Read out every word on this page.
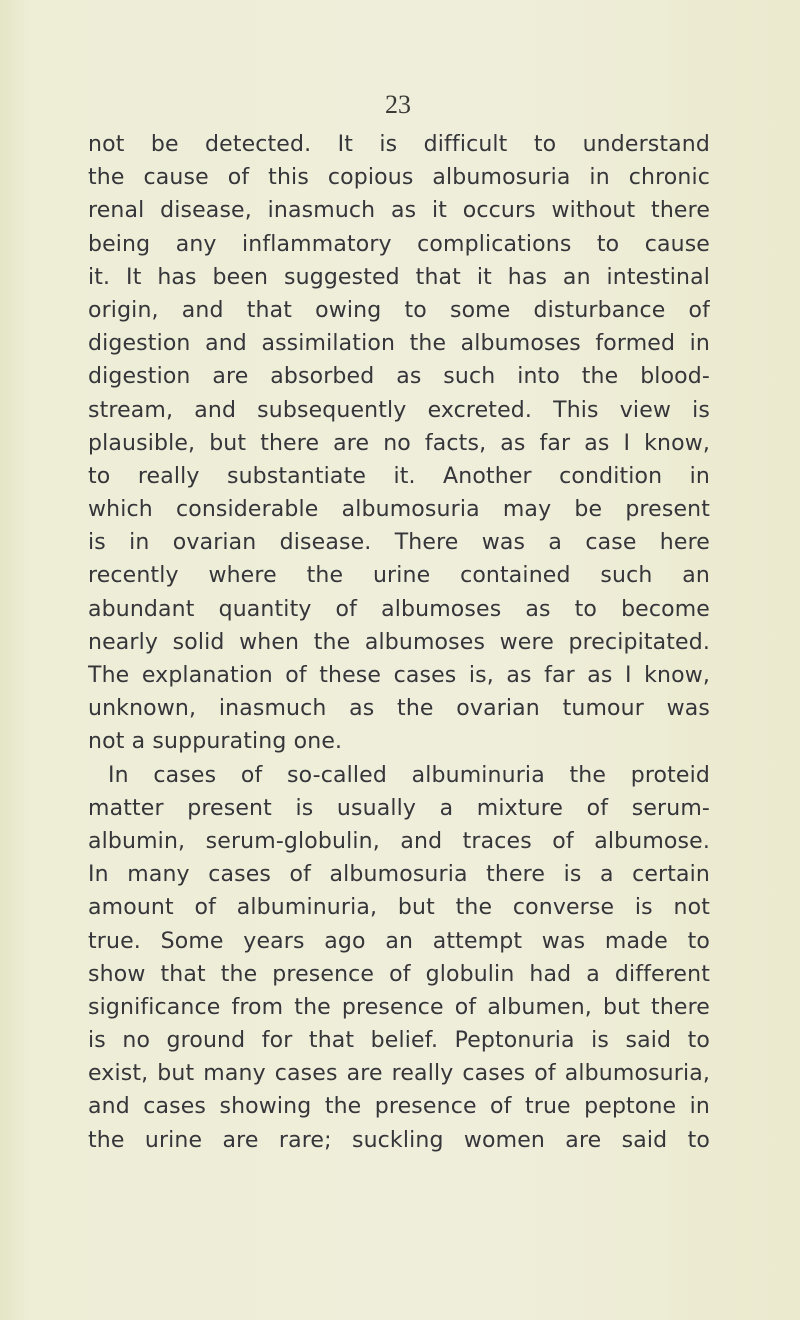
23
not be detected. It is difficult to understand
the cause of this copious albumosuria in chronic
renal disease, inasmuch as it occurs without there
being any inflammatory complications to cause
it. It has been suggested that it has an intestinal
origin, and that owing to some disturbance of
digestion and assimilation the albumoses formed in
digestion are absorbed as such into the blood-
stream, and subsequently excreted. This view is
plausible, but there are no facts, as far as I know,
to really substantiate it. Another condition in
which considerable albumosuria may be present
is in ovarian disease. There was a case here
recently where the urine contained such an
abundant quantity of albumoses as to become
nearly solid when the albumoses were precipitated.
The explanation of these cases is, as far as I know,
unknown, inasmuch as the ovarian tumour was
not a suppurating one.
In cases of so-called albuminuria the proteid
matter present is usually a mixture of serum-
albumin, serum-globulin, and traces of albumose.
In many cases of albumosuria there is a certain
amount of albuminuria, but the converse is not
true. Some years ago an attempt was made to
show that the presence of globulin had a different
significance from the presence of albumen, but there
is no ground for that belief. Peptonuria is said to
exist, but many cases are really cases of albumosuria,
and cases showing the presence of true peptone in
the urine are rare; suckling women are said to
